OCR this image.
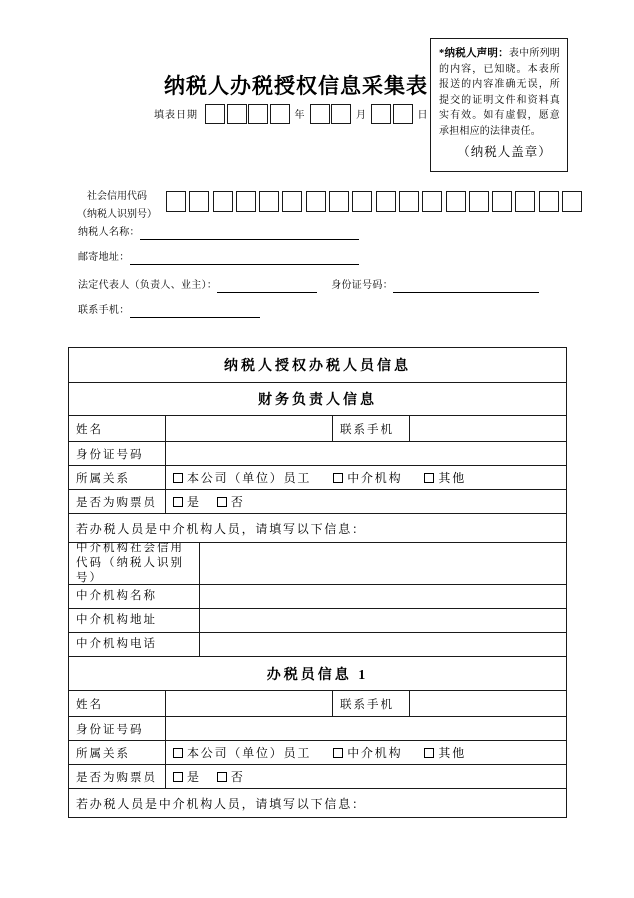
纳税人办税授权信息采集表
填表日期	年	月	日
*纳税人声明：表中所列明的内容，已知晓。本表所报送的内容准确无误，所提交的证明文件和资料真实有效。如有虚假，愿意承担相应的法律责任。
（纳税人盖章）
社会信用代码
（纳税人识别号）
纳税人名称：
邮寄地址：
法定代表人（负责人、业主）：	身份证号码：
联系手机：
纳税人授权办税人员信息
财务负责人信息
姓名	联系手机
身份证号码
所属关系	本公司（单位）员工	中介机构	其他
是否为购票员	是	否
若办税人员是中介机构人员，请填写以下信息：
中介机构社会信用代码（纳税人识别号）
中介机构名称
中介机构地址
中介机构电话
办税员信息 1
姓名	联系手机
身份证号码
所属关系	本公司（单位）员工	中介机构	其他
是否为购票员	是	否
若办税人员是中介机构人员，请填写以下信息：
